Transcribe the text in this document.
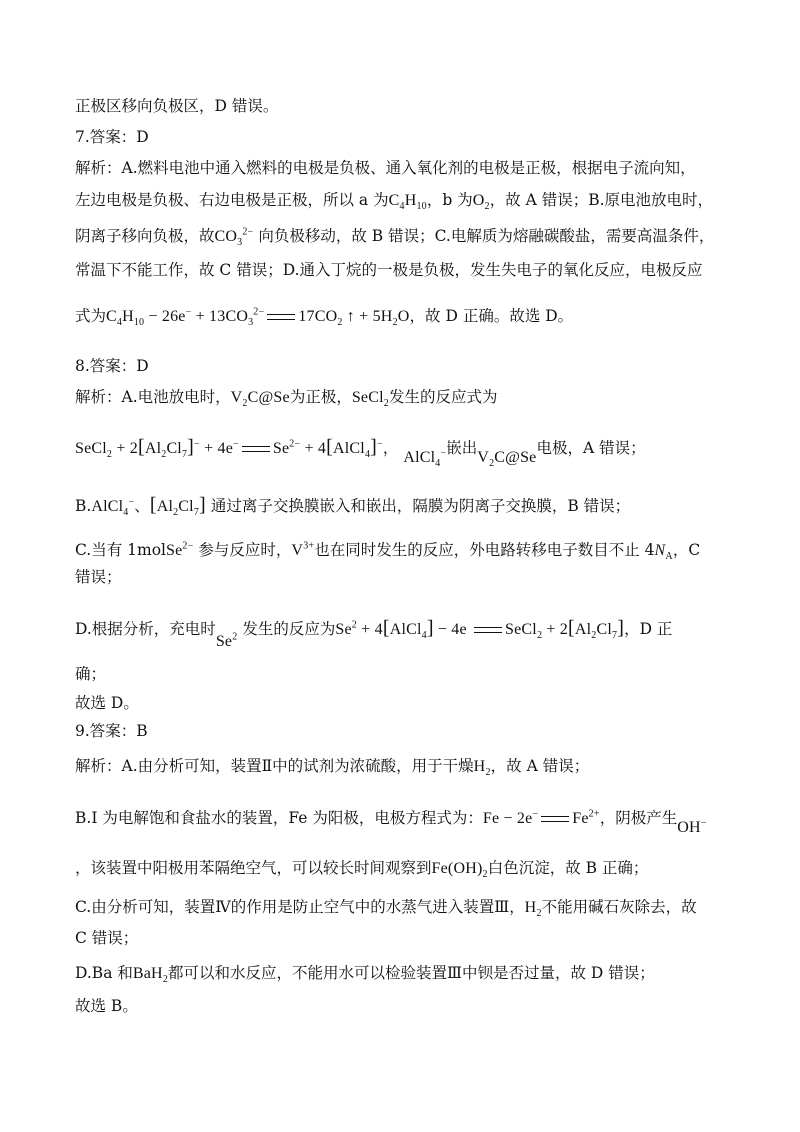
正极区移向负极区，D 错误。
7.答案：D
解析：A.燃料电池中通入燃料的电极是负极、通入氧化剂的电极是正极，根据电子流向知，
左边电极是负极、右边电极是正极，所以 a 为$C_4H_{10}$，b 为$O_2$，故 A 错误；B.原电池放电时，
阴离子移向负极，故$CO_3^{2-}$ 向负极移动，故 B 错误；C.电解质为熔融碳酸盐，需要高温条件，
常温下不能工作，故 C 错误；D.通入丁烷的一极是负极，发生失电子的氧化反应，电极反应
式为$C_4H_{10} - 26e^- + 13CO_3^{2-}$ $17CO_2$ ↑ + $5H_2O$，故 D 正确。故选 D。
8.答案：D
解析：A.电池放电时，$V_2C@Se$为正极，SeCl$_2$发生的反应式为
SeCl$_2$ + $2[Al_2Cl_7]^- + 4e^-$ $Se^{2-}$ + 4[AlCl$_4$]−， AlCl$_4$−嵌出$V_2C@Se$电极，A 错误；
B.AlCl$_4$−、$[Al_2Cl_7]$ 通过离子交换膜嵌入和嵌出，隔膜为阴离子交换膜，B 错误；
C.当有 1molSe$^{2-}$ 参与反应时，$V^{3+}$也在同时发生的反应，外电路转移电子数目不止 $4N_A$，C
错误；
D.根据分析，充电时Se$^2$ 发生的反应为$Se^2$ + 4[AlCl$_4$] − 4e SeCl$_2$ + $2[Al_2Cl_7]$，D 正
确；
故选 D。
9.答案：B
解析：A.由分析可知，装置Ⅱ中的试剂为浓硫酸，用于干燥$H_2$，故 A 错误；
B.I 为电解饱和食盐水的装置，Fe 为阳极，电极方程式为：Fe − 2e− $Fe^{2+}$，阴极产生OH−
，该装置中阳极用苯隔绝空气，可以较长时间观察到$Fe(OH)_2$白色沉淀，故 B 正确；
C.由分析可知，装置Ⅳ的作用是防止空气中的水蒸气进入装置Ⅲ，$H_2$不能用碱石灰除去，故
C 错误；
D.Ba 和BaH$_2$都可以和水反应，不能用水可以检验装置Ⅲ中钡是否过量，故 D 错误；
故选 B。
